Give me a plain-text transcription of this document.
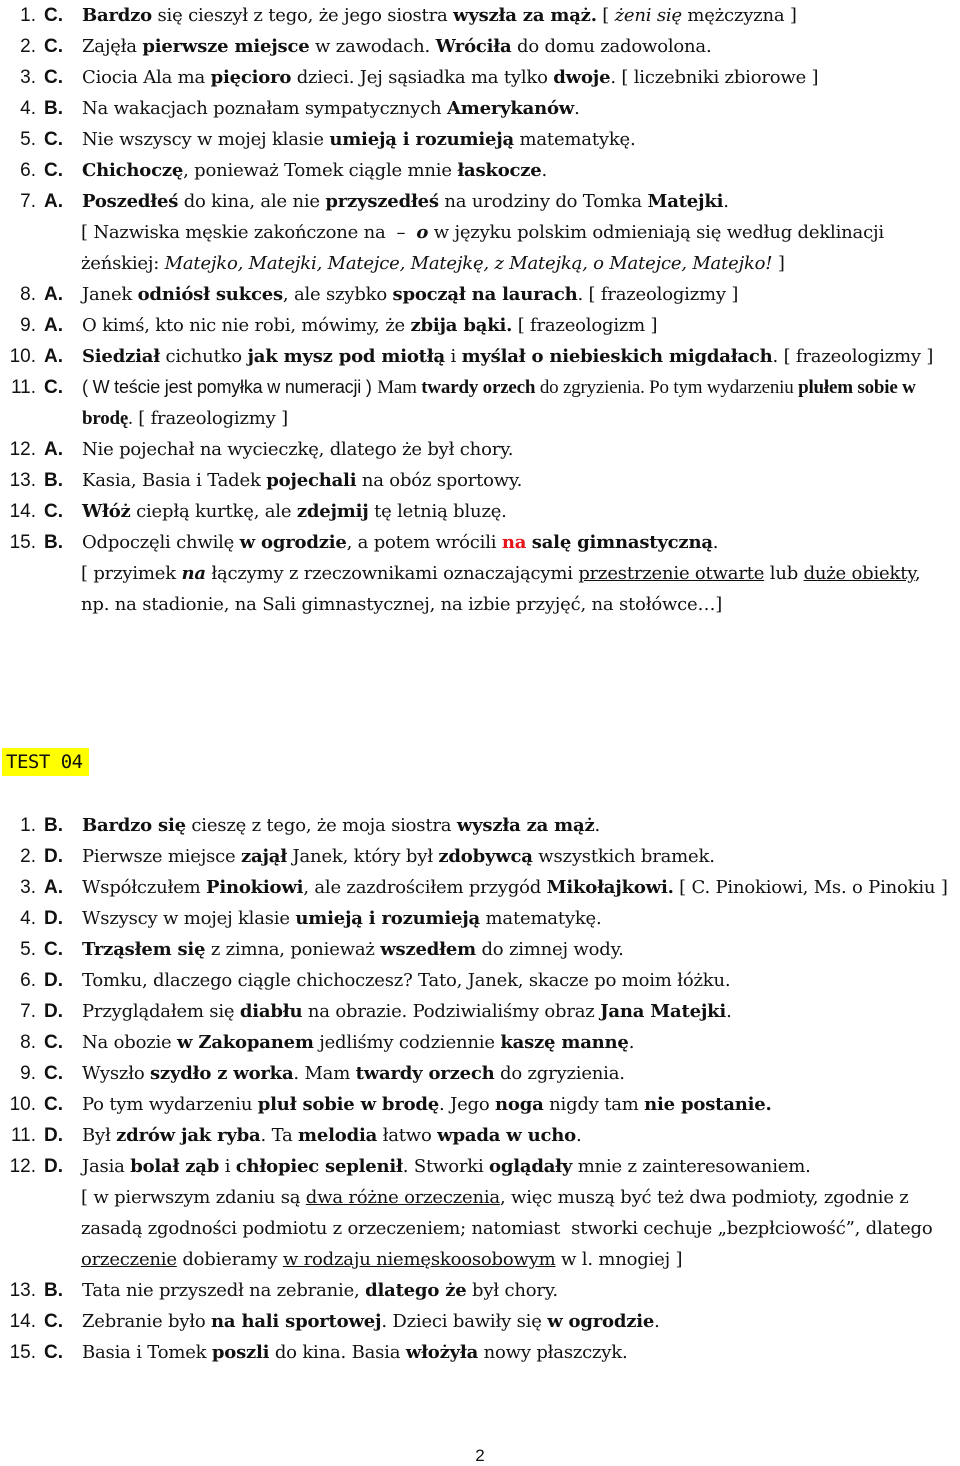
1. C.	Bardzo się cieszył z tego, że jego siostra wyszła za mąż. [ żeni się mężczyzna ]
2. C.	Zajęła pierwsze miejsce w zawodach. Wróciła do domu zadowolona.
3. C.	Ciocia Ala ma pięcioro dzieci. Jej sąsiadka ma tylko dwoje. [ liczebniki zbiorowe ]
4. B.	Na wakacjach poznałam sympatycznych Amerykanów.
5. C.	Nie wszyscy w mojej klasie umieją i rozumieją matematykę.
6. C.	Chichoczę, ponieważ Tomek ciągle mnie łaskocze.
7. A.	Poszedłeś do kina, ale nie przyszedłeś na urodziny do Tomka Matejki.
[ Nazwiska męskie zakończone na  –  o w języku polskim odmieniają się według deklinacji żeńskiej: Matejko, Matejki, Matejce, Matejkę, z Matejką, o Matejce, Matejko! ]
8. A.	Janek odniósł sukces, ale szybko spoczął na laurach. [ frazeologizmy ]
9. A.	O kimś, kto nic nie robi, mówimy, że zbija bąki. [ frazeologizm ]
10. A.	Siedział cichutko jak mysz pod miotłą i myślał o niebieskich migdałach. [ frazeologizmy ]
11. C.	( W teście jest pomyłka w numeracji ) Mam twardy orzech do zgryzienia. Po tym wydarzeniu plułem sobie w brodę. [ frazeologizmy ]
12. A.	Nie pojechał na wycieczkę, dlatego że był chory.
13. B.	Kasia, Basia i Tadek pojechali na obóz sportowy.
14. C.	Włóż ciepłą kurtkę, ale zdejmij tę letnią bluzę.
15. B.	Odpoczęli chwilę w ogrodzie, a potem wrócili na salę gimnastyczną.
[ przyimek na łączymy z rzeczownikami oznaczającymi przestrzenie otwarte lub duże obiekty, np. na stadionie, na Sali gimnastycznej, na izbie przyjęć, na stołówce…]
TEST 04
1. B.	Bardzo się cieszę z tego, że moja siostra wyszła za mąż.
2. D.	Pierwsze miejsce zajął Janek, który był zdobywcą wszystkich bramek.
3. A.	Współczułem Pinokiowi, ale zazdrościłem przygód Mikołajkowi. [ C. Pinokiowi, Ms. o Pinokiu ]
4. D.	Wszyscy w mojej klasie umieją i rozumieją matematykę.
5. C.	Trząsłem się z zimna, ponieważ wszedłem do zimnej wody.
6. D.	Tomku, dlaczego ciągle chichoczesz? Tato, Janek, skacze po moim łóżku.
7. D.	Przyglądałem się diabłu na obrazie. Podziwialiśmy obraz Jana Matejki.
8. C.	Na obozie w Zakopanem jedliśmy codziennie kaszę mannę.
9. C.	Wyszło szydło z worka. Mam twardy orzech do zgryzienia.
10. C.	Po tym wydarzeniu pluł sobie w brodę. Jego noga nigdy tam nie postanie.
11. D.	Był zdrów jak ryba. Ta melodia łatwo wpada w ucho.
12. D.	Jasia bolał ząb i chłopiec seplenił. Stworki oglądały mnie z zainteresowaniem.
[ w pierwszym zdaniu są dwa różne orzeczenia, więc muszą być też dwa podmioty, zgodnie z zasadą zgodności podmiotu z orzeczeniem; natomiast  stworki cechuje „bezpłciowość”, dlatego orzeczenie dobieramy w rodzaju niemęskoosobowym w l. mnogiej ]
13. B.	Tata nie przyszedł na zebranie, dlatego że był chory.
14. C.	Zebranie było na hali sportowej. Dzieci bawiły się w ogrodzie.
15. C.	Basia i Tomek poszli do kina. Basia włożyła nowy płaszczyk.
2
